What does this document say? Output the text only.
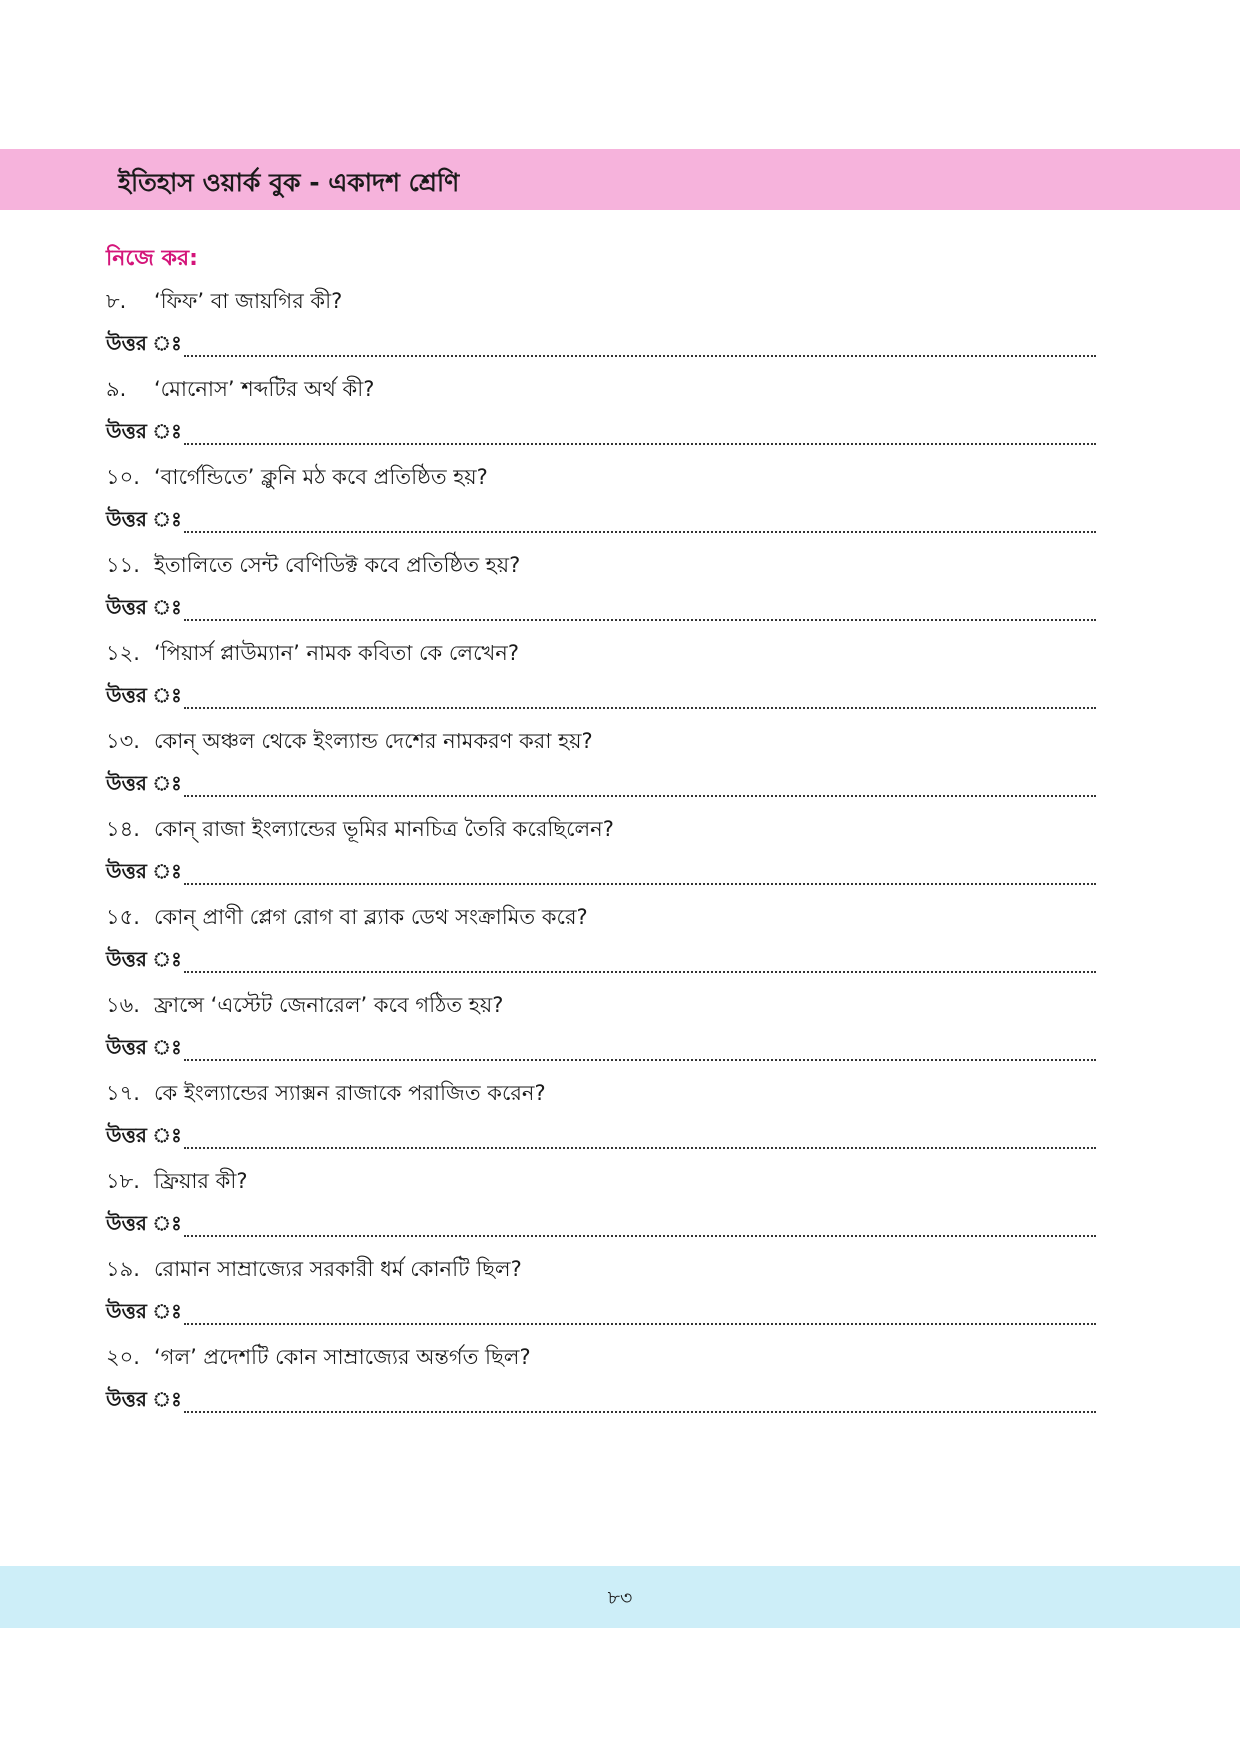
ইতিহাস ওয়ার্ক বুক - একাদশ শ্রেণি
নিজে কর:
৮.	‘ফিফ’ বা জায়গির কী?
উত্তর ঃ
৯.	‘মোনোস’ শব্দটির অর্থ কী?
উত্তর ঃ
১০. ‘বার্গেন্ডিতে’ ক্লুনি মঠ কবে প্রতিষ্ঠিত হয়?
উত্তর ঃ
১১. ইতালিতে সেন্ট বেণিডিক্ট কবে প্রতিষ্ঠিত হয়?
উত্তর ঃ
১২. ‘পিয়ার্স প্লাউম্যান’ নামক কবিতা কে লেখেন?
উত্তর ঃ
১৩. কোন্ অঞ্চল থেকে ইংল্যান্ড দেশের নামকরণ করা হয়?
উত্তর ঃ
১৪. কোন্ রাজা ইংল্যান্ডের ভূমির মানচিত্র তৈরি করেছিলেন?
উত্তর ঃ
১৫. কোন্ প্রাণী প্লেগ রোগ বা ব্ল্যাক ডেথ সংক্রামিত করে?
উত্তর ঃ
১৬. ফ্রান্সে ‘এস্টেট জেনারেল’ কবে গঠিত হয়?
উত্তর ঃ
১৭. কে ইংল্যান্ডের স্যাক্সন রাজাকে পরাজিত করেন?
উত্তর ঃ
১৮. ফ্রিয়ার কী?
উত্তর ঃ
১৯. রোমান সাম্রাজ্যের সরকারী ধর্ম কোনটি ছিল?
উত্তর ঃ
২০. ‘গল’ প্রদেশটি কোন সাম্রাজ্যের অন্তর্গত ছিল?
উত্তর ঃ
৮৩
